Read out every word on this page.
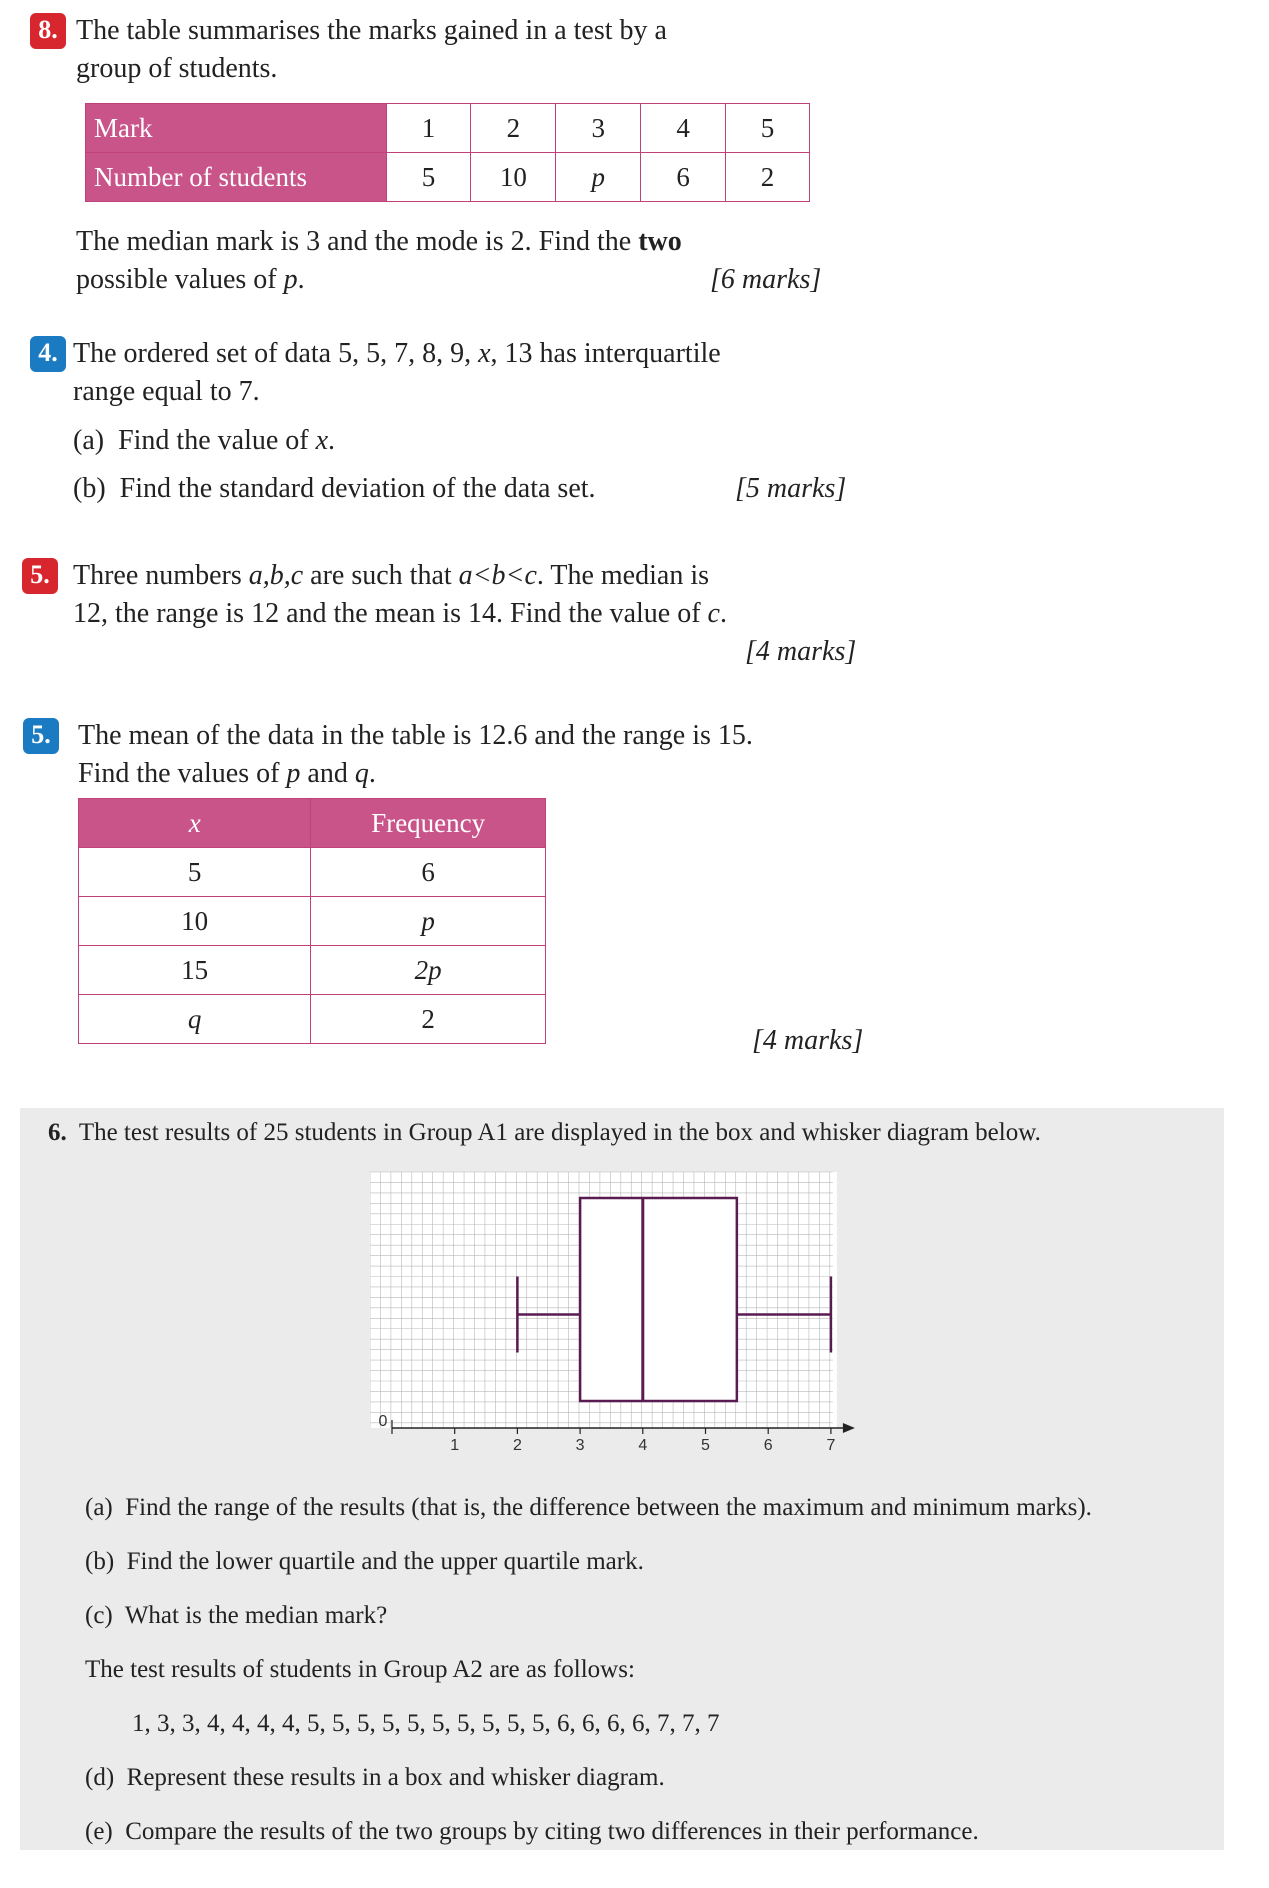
8. The table summarises the marks gained in a test by a
group of students.
Mark	1	2	3	4	5
Number of students	5	10	p	6	2
The median mark is 3 and the mode is 2. Find the two
possible values of p.	[6 marks]
4. The ordered set of data 5, 5, 7, 8, 9, x, 13 has interquartile
range equal to 7.
(a) Find the value of x.
(b) Find the standard deviation of the data set.	[5 marks]
5. Three numbers a,b,c are such that a<b<c. The median is
12, the range is 12 and the mean is 14. Find the value of c.
[4 marks]
5. The mean of the data in the table is 12.6 and the range is 15.
Find the values of p and q.
x	Frequency
5	6
10	p
15	2p
q	2
[4 marks]
6. The test results of 25 students in Group A1 are displayed in the box and whisker diagram below.
0
1	2	3	4	5	6	7
(a) Find the range of the results (that is, the difference between the maximum and minimum marks).
(b) Find the lower quartile and the upper quartile mark.
(c) What is the median mark?
The test results of students in Group A2 are as follows:
1, 3, 3, 4, 4, 4, 4, 5, 5, 5, 5, 5, 5, 5, 5, 5, 5, 6, 6, 6, 6, 7, 7, 7
(d) Represent these results in a box and whisker diagram.
(e) Compare the results of the two groups by citing two differences in their performance.
